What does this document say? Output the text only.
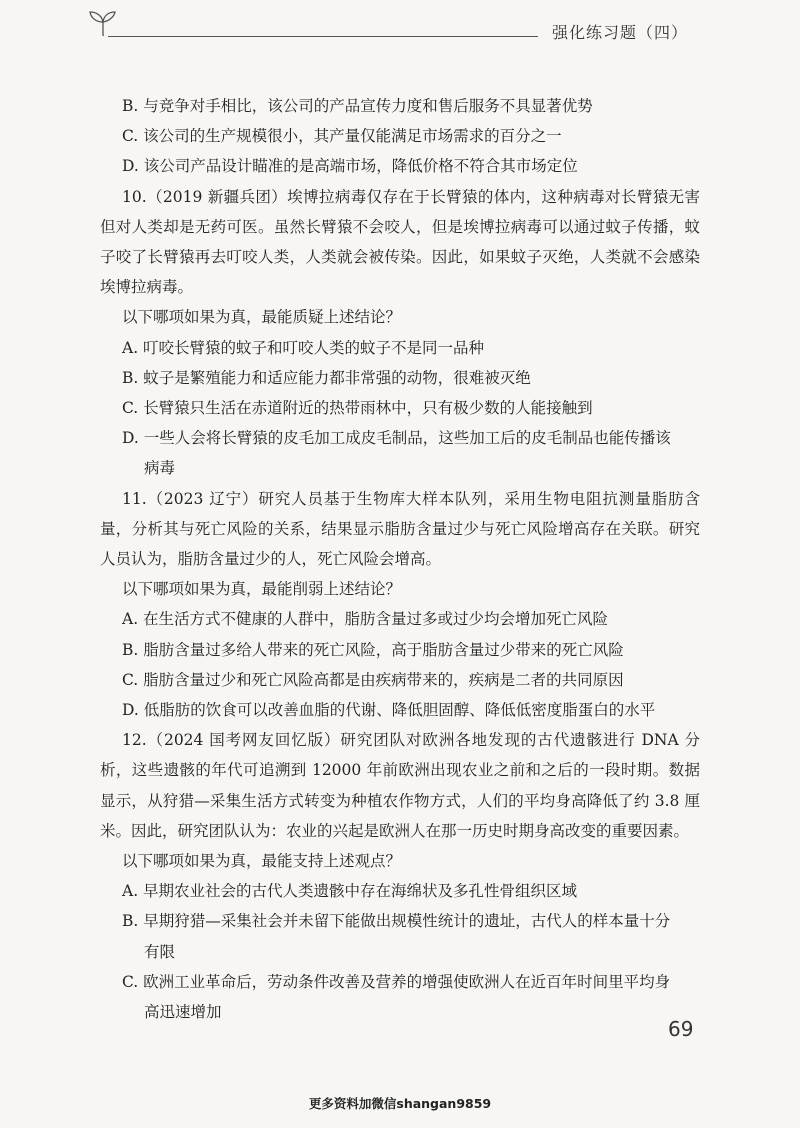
强化练习题（四）

B. 与竞争对手相比，该公司的产品宣传力度和售后服务不具显著优势

C. 该公司的生产规模很小，其产量仅能满足市场需求的百分之一

D. 该公司产品设计瞄准的是高端市场，降低价格不符合其市场定位

10.（2019 新疆兵团）埃博拉病毒仅存在于长臂猿的体内，这种病毒对长臂猿无害但对人类却是无药可医。虽然长臂猿不会咬人，但是埃博拉病毒可以通过蚊子传播，蚊子咬了长臂猿再去叮咬人类，人类就会被传染。因此，如果蚊子灭绝，人类就不会感染埃博拉病毒。

以下哪项如果为真，最能质疑上述结论？

A. 叮咬长臂猿的蚊子和叮咬人类的蚊子不是同一品种

B. 蚊子是繁殖能力和适应能力都非常强的动物，很难被灭绝

C. 长臂猿只生活在赤道附近的热带雨林中，只有极少数的人能接触到

D. 一些人会将长臂猿的皮毛加工成皮毛制品，这些加工后的皮毛制品也能传播该
病毒

11.（2023 辽宁）研究人员基于生物库大样本队列，采用生物电阻抗测量脂肪含量，分析其与死亡风险的关系，结果显示脂肪含量过少与死亡风险增高存在关联。研究人员认为，脂肪含量过少的人，死亡风险会增高。

以下哪项如果为真，最能削弱上述结论？

A. 在生活方式不健康的人群中，脂肪含量过多或过少均会增加死亡风险

B. 脂肪含量过多给人带来的死亡风险，高于脂肪含量过少带来的死亡风险

C. 脂肪含量过少和死亡风险高都是由疾病带来的，疾病是二者的共同原因

D. 低脂肪的饮食可以改善血脂的代谢、降低胆固醇、降低低密度脂蛋白的水平

12.（2024 国考网友回忆版）研究团队对欧洲各地发现的古代遗骸进行 DNA 分析，这些遗骸的年代可追溯到 12000 年前欧洲出现农业之前和之后的一段时期。数据显示，从狩猎—采集生活方式转变为种植农作物方式，人们的平均身高降低了约 3.8 厘米。因此，研究团队认为：农业的兴起是欧洲人在那一历史时期身高改变的重要因素。

以下哪项如果为真，最能支持上述观点？

A. 早期农业社会的古代人类遗骸中存在海绵状及多孔性骨组织区域

B. 早期狩猎—采集社会并未留下能做出规模性统计的遗址，古代人的样本量十分
有限

C. 欧洲工业革命后，劳动条件改善及营养的增强使欧洲人在近百年时间里平均身
高迅速增加

69
更多资料加微信shangan9859
